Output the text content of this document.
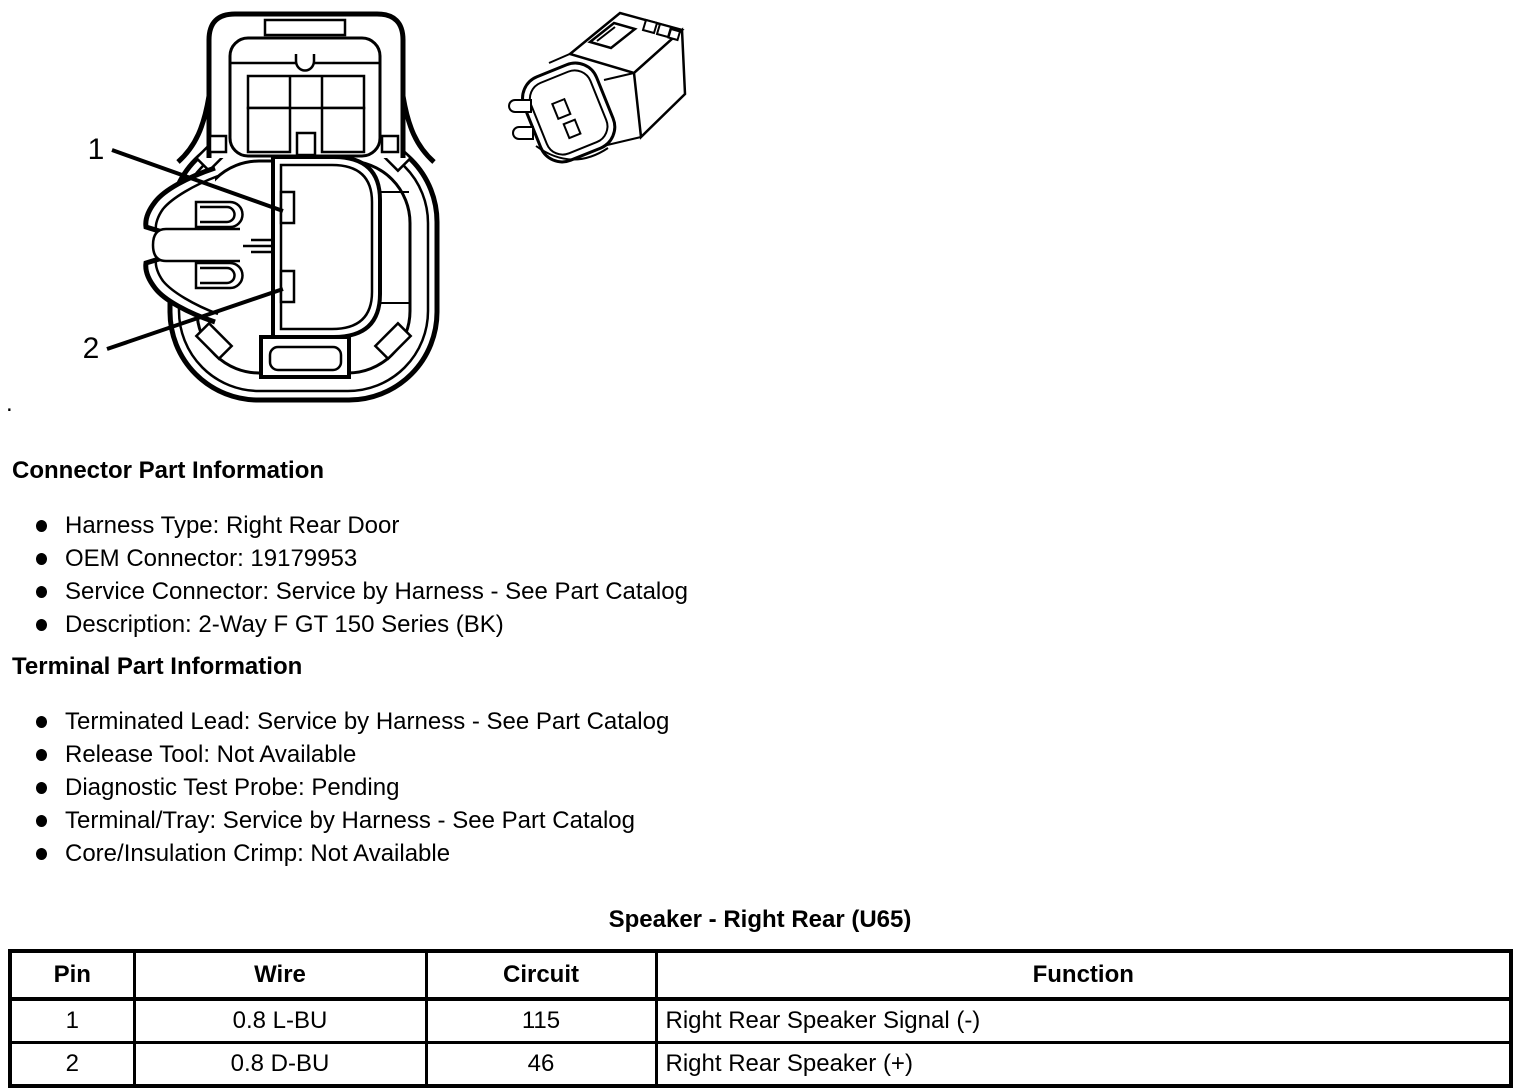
1
2
.
Connector Part Information
Harness Type: Right Rear Door
OEM Connector: 19179953
Service Connector: Service by Harness - See Part Catalog
Description: 2-Way F GT 150 Series (BK)
Terminal Part Information
Terminated Lead: Service by Harness - See Part Catalog
Release Tool: Not Available
Diagnostic Test Probe: Pending
Terminal/Tray: Service by Harness - See Part Catalog
Core/Insulation Crimp: Not Available
Speaker - Right Rear (U65)
Pin	Wire	Circuit	Function
1	0.8 L-BU	115	Right Rear Speaker Signal (-)
2	0.8 D-BU	46	Right Rear Speaker (+)
